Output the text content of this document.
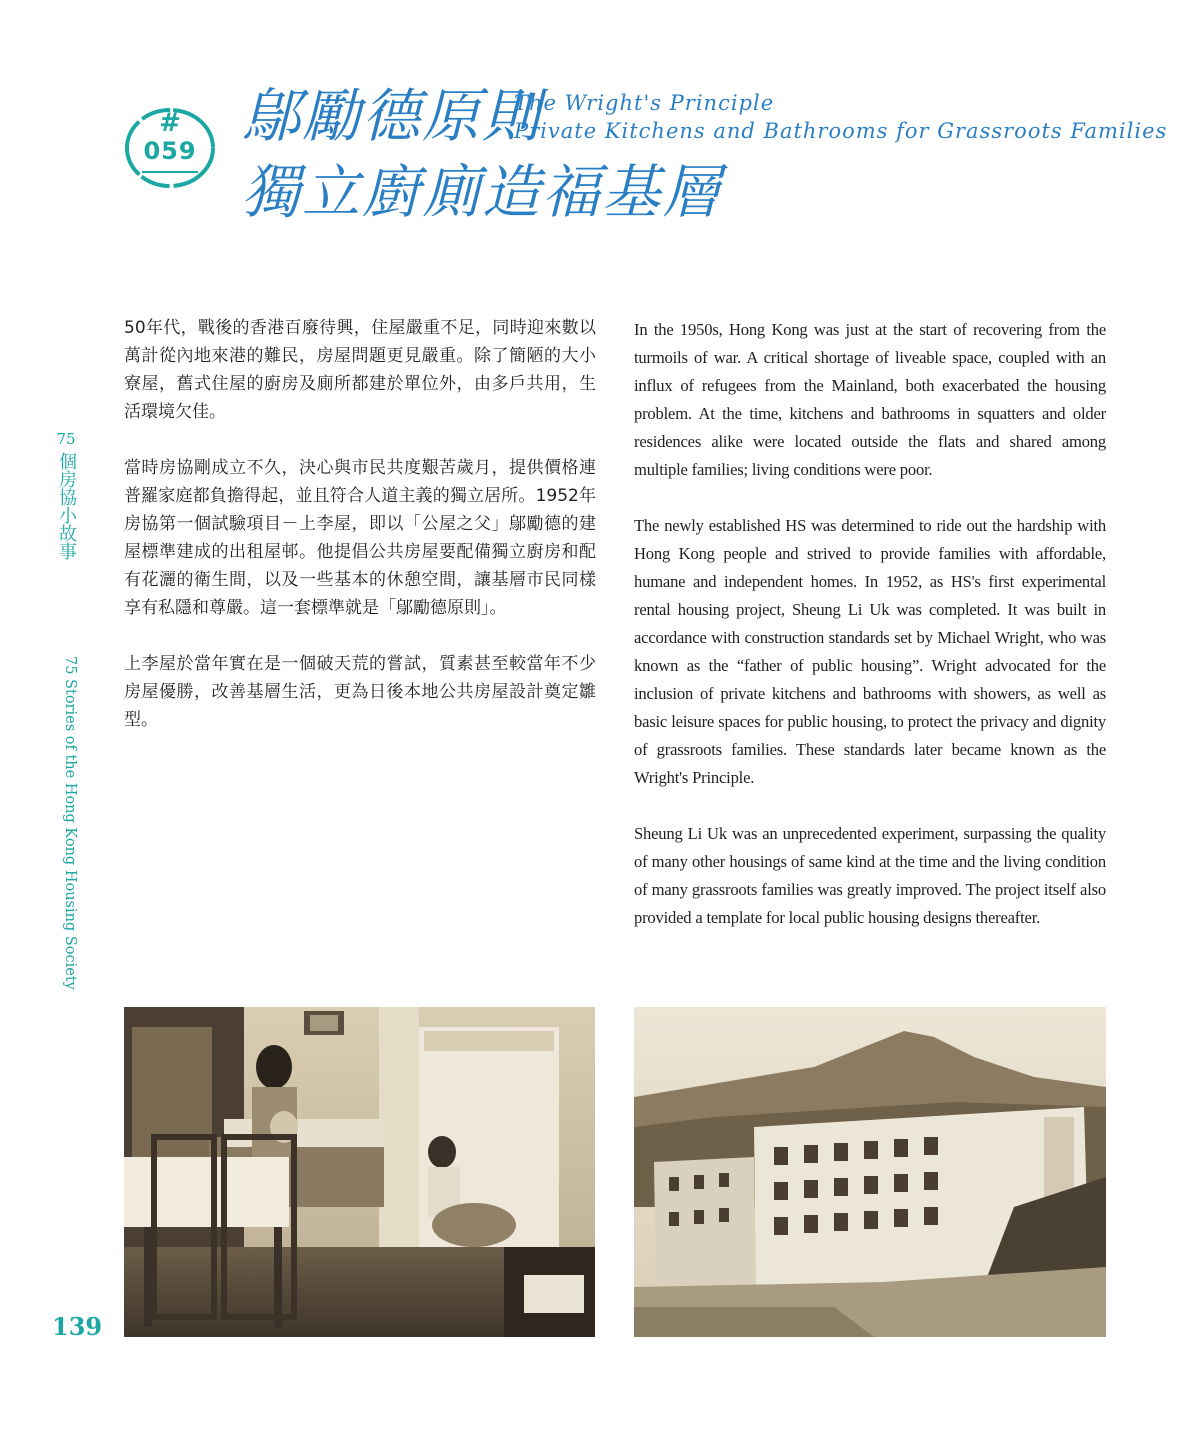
#
059
鄔勵德原則
獨立廚廁造福基層
The Wright's Principle
Private Kitchens and Bathrooms for Grassroots Families
75
個房協小故事
75 Stories of the Hong Kong Housing Society
139

50年代，戰後的香港百廢待興，住屋嚴重不足，同時迎來數以萬計從內地來港的難民，房屋問題更見嚴重。除了簡陋的大小寮屋，舊式住屋的廚房及廁所都建於單位外，由多戶共用，生活環境欠佳。

當時房協剛成立不久，決心與市民共度艱苦歲月，提供價格連普羅家庭都負擔得起，並且符合人道主義的獨立居所。1952年房協第一個試驗項目－上李屋，即以「公屋之父」鄔勵德的建屋標準建成的出租屋邨。他提倡公共房屋要配備獨立廚房和配有花灑的衛生間，以及一些基本的休憩空間，讓基層市民同樣享有私隱和尊嚴。這一套標準就是「鄔勵德原則」。

上李屋於當年實在是一個破天荒的嘗試，質素甚至較當年不少房屋優勝，改善基層生活，更為日後本地公共房屋設計奠定雛型。

In the 1950s, Hong Kong was just at the start of recovering from the turmoils of war. A critical shortage of liveable space, coupled with an influx of refugees from the Mainland, both exacerbated the housing problem. At the time, kitchens and bathrooms in squatters and older residences alike were located outside the flats and shared among multiple families; living conditions were poor.

The newly established HS was determined to ride out the hardship with Hong Kong people and strived to provide families with affordable, humane and independent homes. In 1952, as HS's first experimental rental housing project, Sheung Li Uk was completed. It was built in accordance with construction standards set by Michael Wright, who was known as the “father of public housing”. Wright advocated for the inclusion of private kitchens and bathrooms with showers, as well as basic leisure spaces for public housing, to protect the privacy and dignity of grassroots families. These standards later became known as the Wright's Principle.

Sheung Li Uk was an unprecedented experiment, surpassing the quality of many other housings of same kind at the time and the living condition of many grassroots families was greatly improved. The project itself also provided a template for local public housing designs thereafter.
